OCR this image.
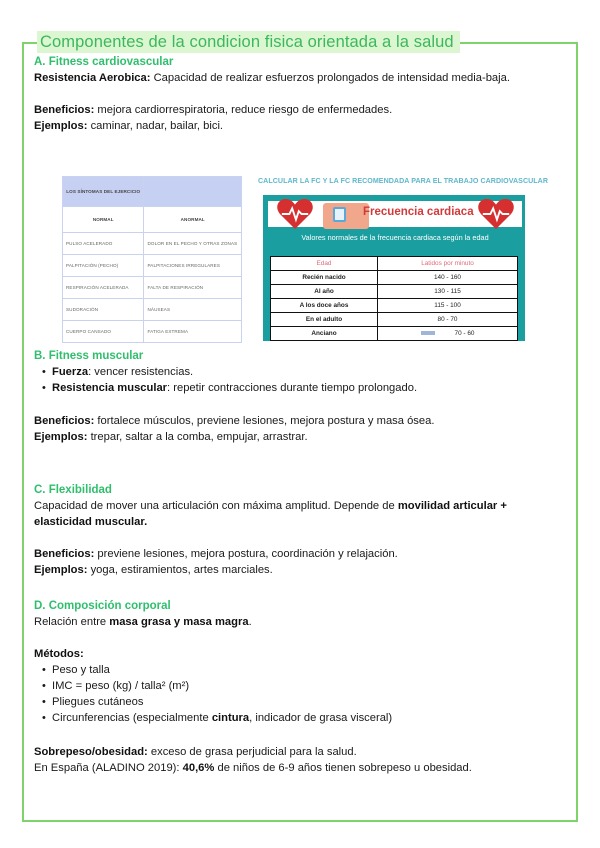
Componentes de la condicion fisica orientada a la salud
A. Fitness cardiovascular

Resistencia Aerobica: Capacidad de realizar esfuerzos prolongados de intensidad media-baja.

Beneficios: mejora cardiorrespiratoria, reduce riesgo de enfermedades.

Ejemplos: caminar, nadar, bailar, bici.

LOS SÍNTOMAS DEL EJERCICIO	
NORMAL	ANORMAL
PULSO ACELERADO	DOLOR EN EL PECHO Y OTRAS ZONAS
PALPITACIÓN (PECHO)	PALPITACIONES IRREGULARES
RESPIRACIÓN ACELERADA	FALTA DE RESPIRACIÓN
SUDORACIÓN	NÁUSEAS
CUERPO CANSADO	FATIGA EXTREMA
CALCULAR LA FC Y LA FC RECOMENDADA PARA EL TRABAJO CARDIOVASCULAR
Frecuencia cardiaca
Valores normales de la frecuencia cardiaca según la edad
Edad	Latidos por minuto
Recién nacido	140 - 160
Al año	130 - 115
A los doce años	115 - 100
En el adulto	80 - 70
Anciano	70 - 60
B. Fitness muscular
• Fuerza: vencer resistencias.
• Resistencia muscular: repetir contracciones durante tiempo prolongado.

Beneficios: fortalece músculos, previene lesiones, mejora postura y masa ósea.

Ejemplos: trepar, saltar a la comba, empujar, arrastrar.

C. Flexibilidad

Capacidad de mover una articulación con máxima amplitud. Depende de movilidad articular + elasticidad muscular.

Beneficios: previene lesiones, mejora postura, coordinación y relajación.

Ejemplos: yoga, estiramientos, artes marciales.

D. Composición corporal

Relación entre masa grasa y masa magra.

Métodos:

• Peso y talla
• IMC = peso (kg) / talla² (m²)
• Pliegues cutáneos
• Circunferencias (especialmente cintura, indicador de grasa visceral)

Sobrepeso/obesidad: exceso de grasa perjudicial para la salud.

En España (ALADINO 2019): 40,6% de niños de 6-9 años tienen sobrepeso u obesidad.
